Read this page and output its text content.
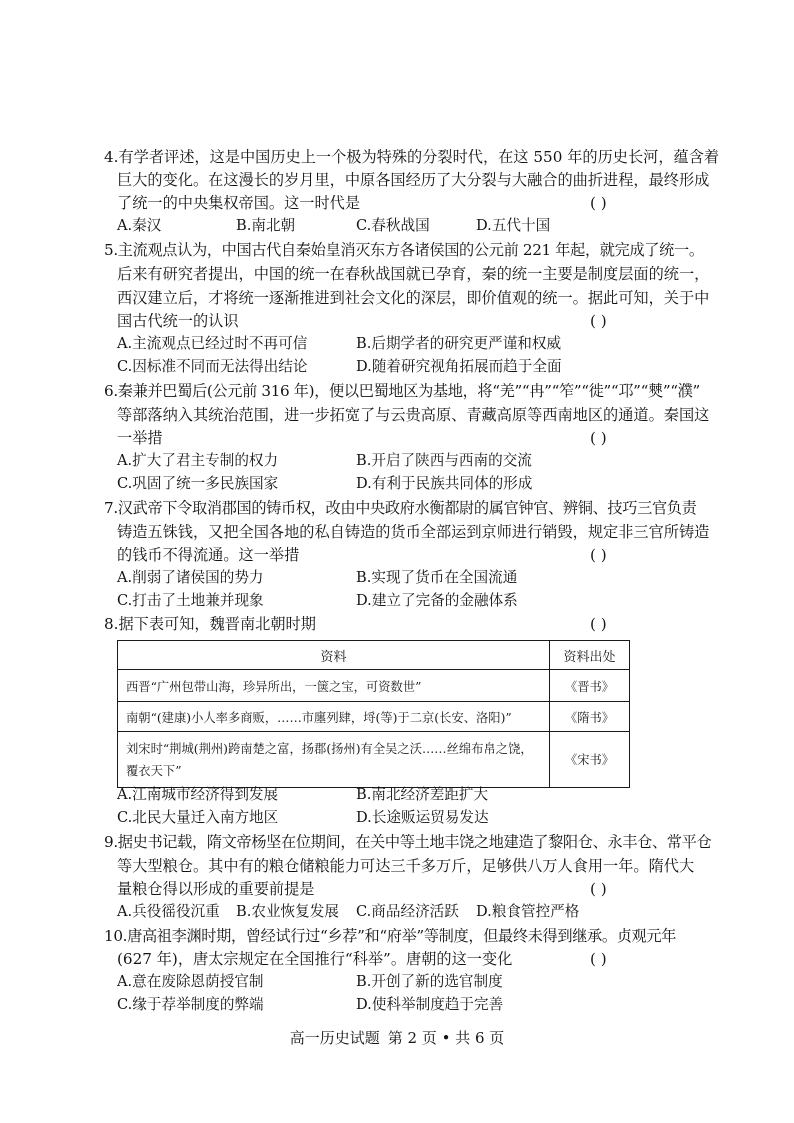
4.有学者评述，这是中国历史上一个极为特殊的分裂时代，在这 550 年的历史长河，蕴含着
巨大的变化。在这漫长的岁月里，中原各国经历了大分裂与大融合的曲折进程，最终形成
了统一的中央集权帝国。这一时代是	( )
A.秦汉	B.南北朝	C.春秋战国	D.五代十国
5.主流观点认为，中国古代自秦始皇消灭东方各诸侯国的公元前 221 年起，就完成了统一。
后来有研究者提出，中国的统一在春秋战国就已孕育，秦的统一主要是制度层面的统一，
西汉建立后，才将统一逐渐推进到社会文化的深层，即价值观的统一。据此可知，关于中
国古代统一的认识	( )
A.主流观点已经过时不再可信	B.后期学者的研究更严谨和权威
C.因标准不同而无法得出结论	D.随着研究视角拓展而趋于全面
6.秦兼并巴蜀后(公元前 316 年)，便以巴蜀地区为基地，将“羌”“冉”“笮”“徙”“邛”“僰”“濮”
等部落纳入其统治范围，进一步拓宽了与云贵高原、青藏高原等西南地区的通道。秦国这
一举措	( )
A.扩大了君主专制的权力	B.开启了陕西与西南的交流
C.巩固了统一多民族国家	D.有利于民族共同体的形成
7.汉武帝下令取消郡国的铸币权，改由中央政府水衡都尉的属官钟官、辨铜、技巧三官负责
铸造五铢钱，又把全国各地的私自铸造的货币全部运到京师进行销毁，规定非三官所铸造
的钱币不得流通。这一举措	( )
A.削弱了诸侯国的势力	B.实现了货币在全国流通
C.打击了土地兼并现象	D.建立了完备的金融体系
8.据下表可知，魏晋南北朝时期	( )
资料	资料出处
西晋“广州包带山海，珍异所出，一箧之宝，可资数世”	《晋书》
南朝“(建康)小人率多商贩，……市廛列肆，埒(等)于二京(长安、洛阳)”	《隋书》
刘宋时“荆城(荆州)跨南楚之富，扬郡(扬州)有全吴之沃……丝绵布帛之饶，覆衣天下”	《宋书》
A.江南城市经济得到发展	B.南北经济差距扩大
C.北民大量迁入南方地区	D.长途贩运贸易发达
9.据史书记载，隋文帝杨坚在位期间，在关中等土地丰饶之地建造了黎阳仓、永丰仓、常平仓
等大型粮仓。其中有的粮仓储粮能力可达三千多万斤，足够供八万人食用一年。隋代大
量粮仓得以形成的重要前提是	( )
A.兵役徭役沉重 B.农业恢复发展 C.商品经济活跃 D.粮食管控严格
10.唐高祖李渊时期，曾经试行过“乡荐”和“府举”等制度，但最终未得到继承。贞观元年
(627 年)，唐太宗规定在全国推行“科举”。唐朝的这一变化	( )
A.意在废除恩荫授官制	B.开创了新的选官制度
C.缘于荐举制度的弊端	D.使科举制度趋于完善
高一历史试题 第 2 页 • 共 6 页
